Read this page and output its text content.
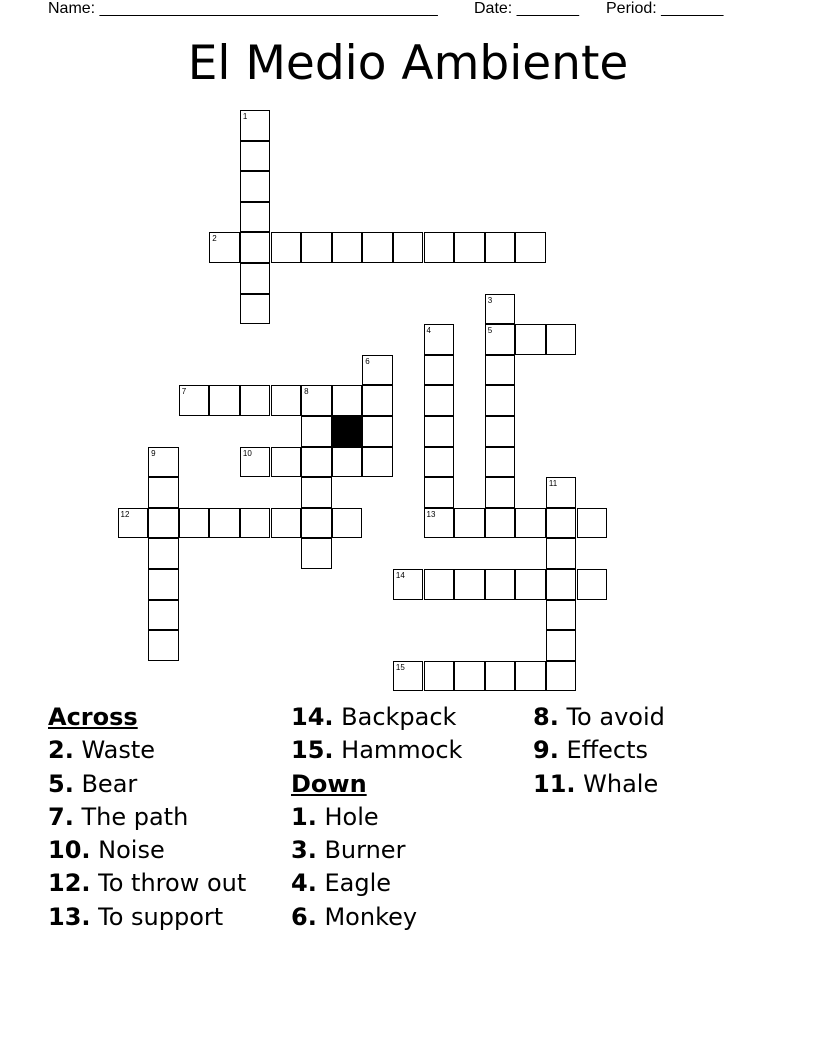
Name: ______________________________________ Date: _______ Period: _______
El Medio Ambiente
1
2
3
5
4
6
7	8
9	10
11
12	13
14
15
Across
2. Waste
5. Bear
7. The path
10. Noise
12. To throw out
13. To support
14. Backpack
15. Hammock
Down
1. Hole
3. Burner
4. Eagle
6. Monkey
8. To avoid
9. Effects
11. Whale
